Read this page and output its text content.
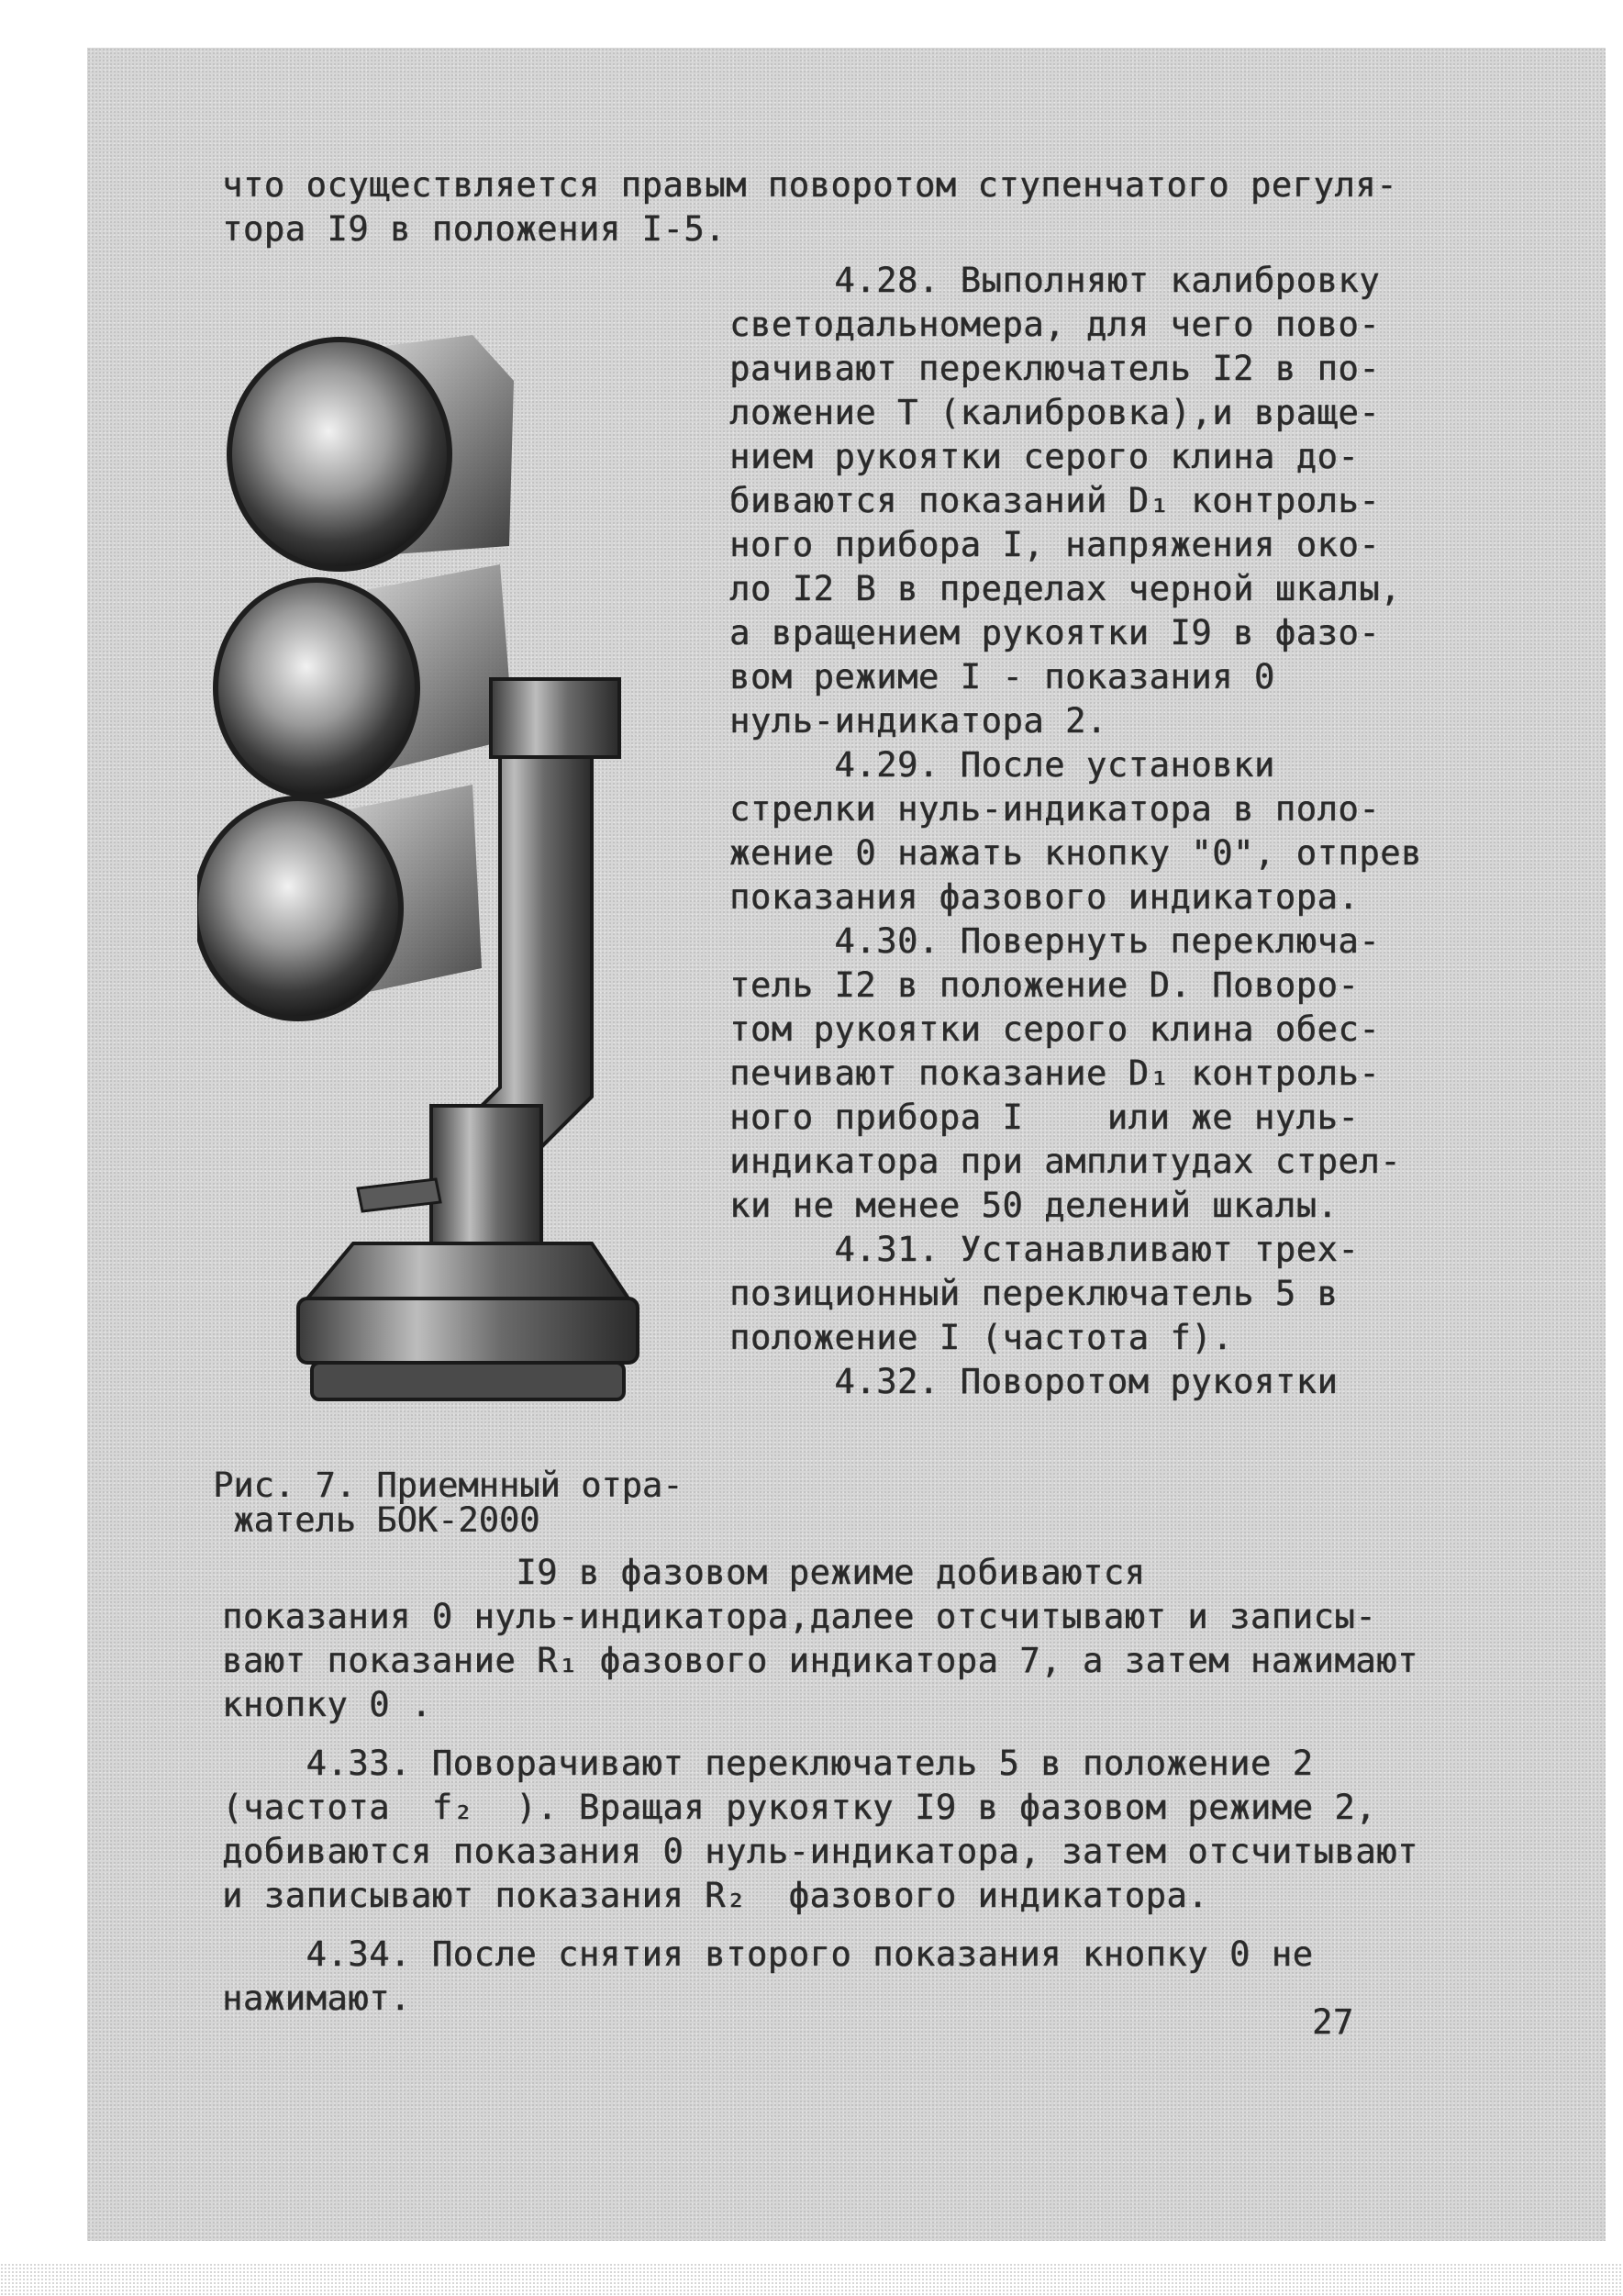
что осуществляется правым поворотом ступенчатого регуля-
тора I9 в положения I-5.
4.28. Выполняют калибровку
светодальномера, для чего пово-
рачивают переключатель I2 в по-
ложение Т (калибровка),и враще-
нием рукоятки серого клина до-
биваются показаний D₁ контроль-
ного прибора I, напряжения око-
ло I2 В в пределах черной шкалы,
а вращением рукоятки I9 в фазо-
вом режиме I - показания 0
нуль-индикатора 2.
4.29. После установки
стрелки нуль-индикатора в поло-
жение 0 нажать кнопку "0", отпрев
показания фазового индикатора.
4.30. Повернуть переключа-
тель I2 в положение D. Поворо-
том рукоятки серого клина обес-
печивают показание D₁ контроль-
ного прибора I    или же нуль-
индикатора при амплитудах стрел-
ки не менее 50 делений шкалы.
4.31. Устанавливают трех-
позиционный переключатель 5 в
положение I (частота f).
4.32. Поворотом рукоятки
Рис. 7. Приемнный отра-
жатель БОК-2000
I9 в фазовом режиме добиваются
показания 0 нуль-индикатора,далее отсчитывают и записы-
вают показание R₁ фазового индикатора 7, а затем нажимают
кнопку 0 .
4.33. Поворачивают переключатель 5 в положение 2
(частота  f₂  ). Вращая рукоятку I9 в фазовом режиме 2,
добиваются показания 0 нуль-индикатора, затем отсчитывают
и записывают показания R₂  фазового индикатора.
4.34. После снятия второго показания кнопку 0 не
нажимают.
27
